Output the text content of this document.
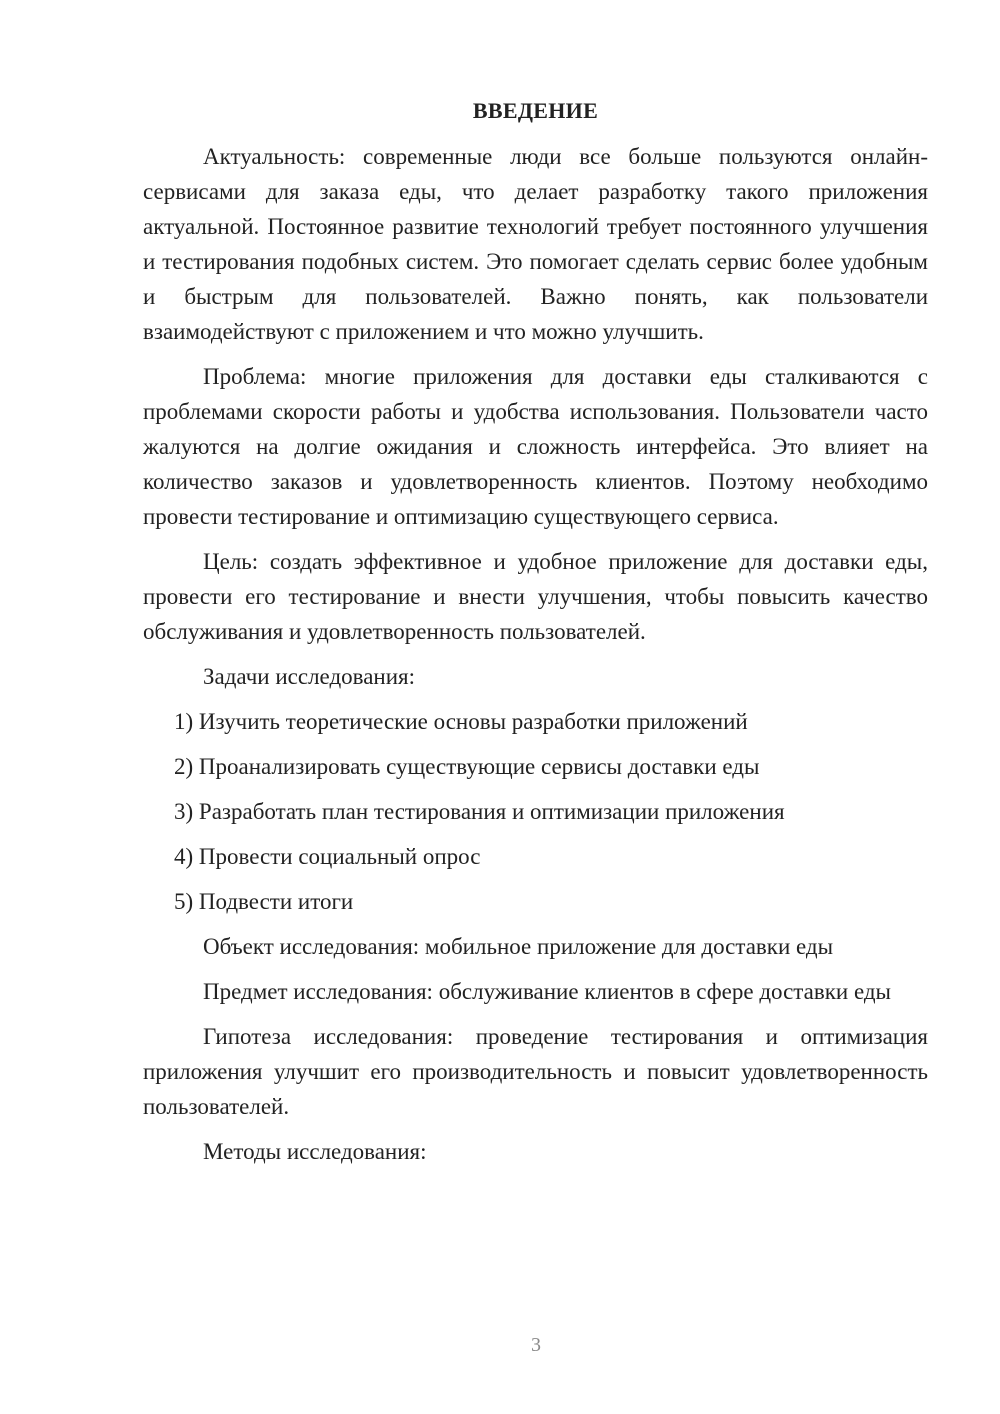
ВВЕДЕНИЕ

Актуальность: современные люди все больше пользуются онлайн-сервисами для заказа еды, что делает разработку такого приложения актуальной. Постоянное развитие технологий требует постоянного улучшения и тестирования подобных систем. Это помогает сделать сервис более удобным и быстрым для пользователей. Важно понять, как пользователи взаимодействуют с приложением и что можно улучшить.

Проблема: многие приложения для доставки еды сталкиваются с проблемами скорости работы и удобства использования. Пользователи часто жалуются на долгие ожидания и сложность интерфейса. Это влияет на количество заказов и удовлетворенность клиентов. Поэтому необходимо провести тестирование и оптимизацию существующего сервиса.

Цель: создать эффективное и удобное приложение для доставки еды, провести его тестирование и внести улучшения, чтобы повысить качество обслуживания и удовлетворенность пользователей.

Задачи исследования:

1) Изучить теоретические основы разработки приложений
2) Проанализировать существующие сервисы доставки еды
3) Разработать план тестирования и оптимизации приложения
4) Провести социальный опрос
5) Подвести итоги

Объект исследования: мобильное приложение для доставки еды

Предмет исследования: обслуживание клиентов в сфере доставки еды

Гипотеза исследования: проведение тестирования и оптимизация приложения улучшит его производительность и повысит удовлетворенность пользователей.

Методы исследования:

3
